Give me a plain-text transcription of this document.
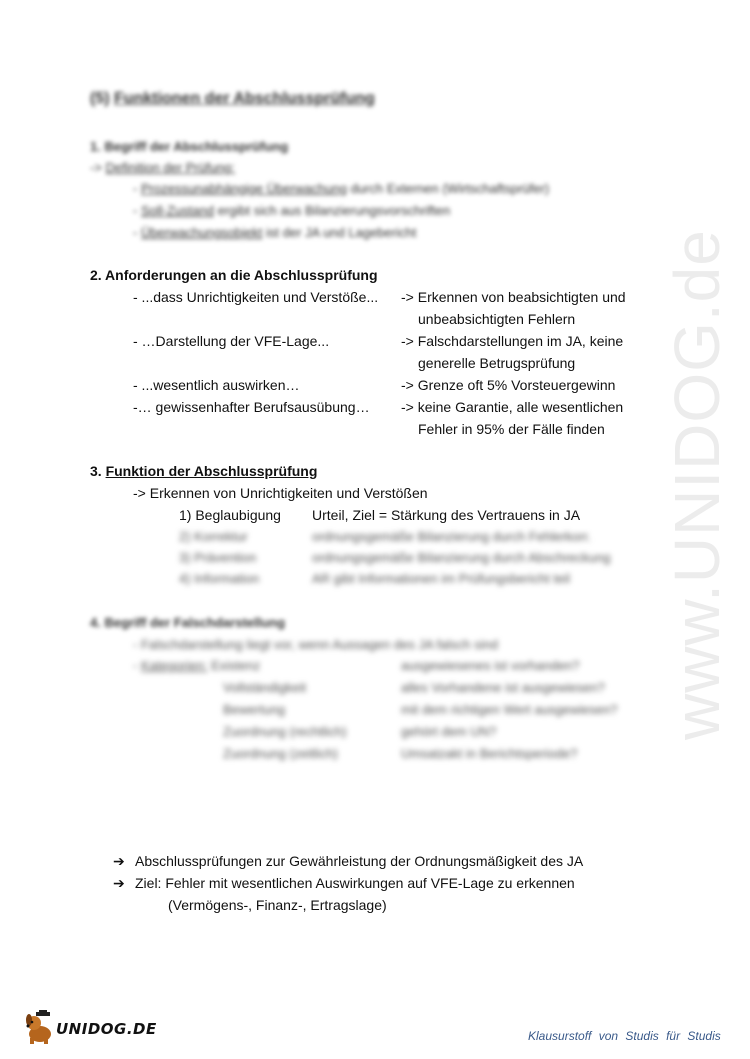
www.UNIDOG.de
(5) Funktionen der Abschlussprüfung
1. Begriff der Abschlussprüfung
-> Definition der Prüfung:
- Prozessunabhängige Überwachung durch Externen (Wirtschaftsprüfer)
- Soll-Zustand ergibt sich aus Bilanzierungsvorschriften
- Überwachungsobjekt ist der JA und Lagebericht
2. Anforderungen an die Abschlussprüfung
- ...dass Unrichtigkeiten und Verstöße... -> Erkennen von beabsichtigten und
unbeabsichtigten Fehlern
- …Darstellung der VFE-Lage...	-> Falschdarstellungen im JA, keine
generelle Betrugsprüfung
- ...wesentlich auswirken…	-> Grenze oft 5% Vorsteuergewinn
-… gewissenhafter Berufsausübung… -> keine Garantie, alle wesentlichen
Fehler in 95% der Fälle finden
3. Funktion der Abschlussprüfung
-> Erkennen von Unrichtigkeiten und Verstößen
1) Beglaubigung Urteil, Ziel = Stärkung des Vertrauens in JA
2) Korrektur	ordnungsgemäße Bilanzierung durch Fehlerkorr.
3) Prävention	ordnungsgemäße Bilanzierung durch Abschreckung
4) Information	AR gibt Informationen im Prüfungsbericht teil
4. Begriff der Falschdarstellung
- Falschdarstellung liegt vor, wenn Aussagen des JA falsch sind
- Kategorien: Existenz	ausgewiesenes ist vorhanden?
Vollständigkeit	alles Vorhandene ist ausgewiesen?
Bewertung	mit dem richtigen Wert ausgewiesen?
Zuordnung (rechtlich)	gehört dem UN?
Zuordnung (zeitlich)	Umsatzakt in Berichtsperiode?
➔ Abschlussprüfungen zur Gewährleistung der Ordnungsmäßigkeit des JA
➔ Ziel: Fehler mit wesentlichen Auswirkungen auf VFE-Lage zu erkennen
(Vermögens-, Finanz-, Ertragslage)
UNIDOG.DE	Klausurstoff von Studis für Studis
